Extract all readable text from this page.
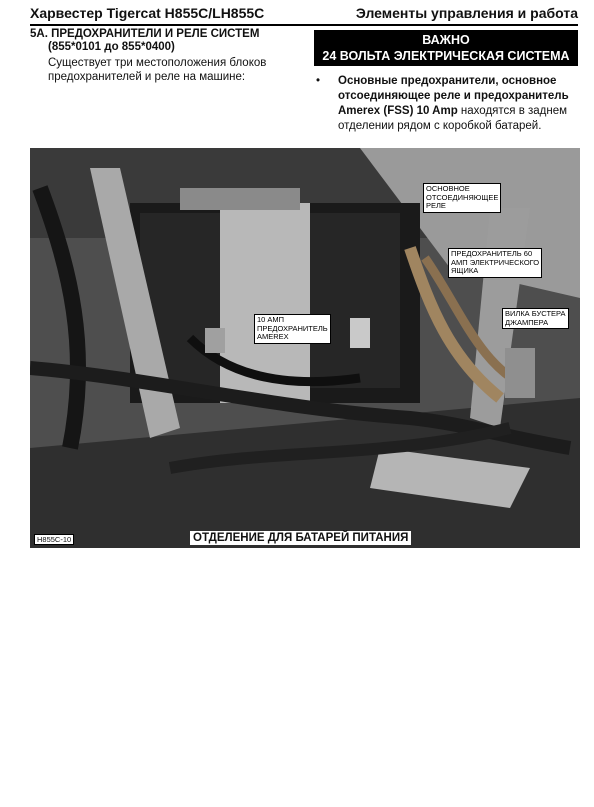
Харвестер Tigercat H855C/LH855C	Элементы управления и работа
5А. ПРЕДОХРАНИТЕЛИ И РЕЛЕ СИСТЕМ
(855*0101 до 855*0400)
Существует три местоположения блоков
предохранителей и реле на машине:
ВАЖНО
24 ВОЛЬТА ЭЛЕКТРИЧЕСКАЯ СИСТЕМА
• Основные предохранители, основное отсоединяющее реле и предохранитель Amerex (FSS) 10 Amp находятся в заднем отделении рядом с коробкой батарей.
ОСНОВНОЕ
ОТСОЕДИНЯЮЩЕЕ
РЕЛЕ
ПРЕДОХРАНИТЕЛЬ 60
АМП ЭЛЕКТРИЧЕСКОГО
ЯЩИКА
ВИЛКА БУСТЕРА
ДЖАМПЕРА
10 АМП
ПРЕДОХРАНИТЕЛЬ
AMEREX
H855C-10	ОТДЕЛЕНИЕ ДЛЯ БАТАРЕЙ ПИТАНИЯ
